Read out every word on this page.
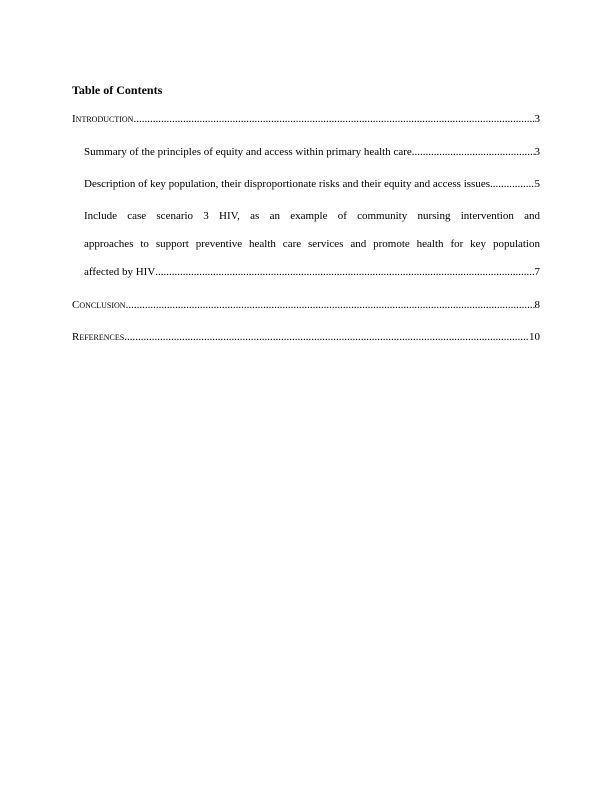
Table of Contents
Introduction .....	3
Summary of the principles of equity and access within primary health care .....	3
Description of key population, their disproportionate risks and their equity and access issues .....	5
Include case scenario 3 HIV, as an example of community nursing intervention and
approaches to support preventive health care services and promote health for key population
affected by HIV .....	7
Conclusion .....	8
References .....	10
